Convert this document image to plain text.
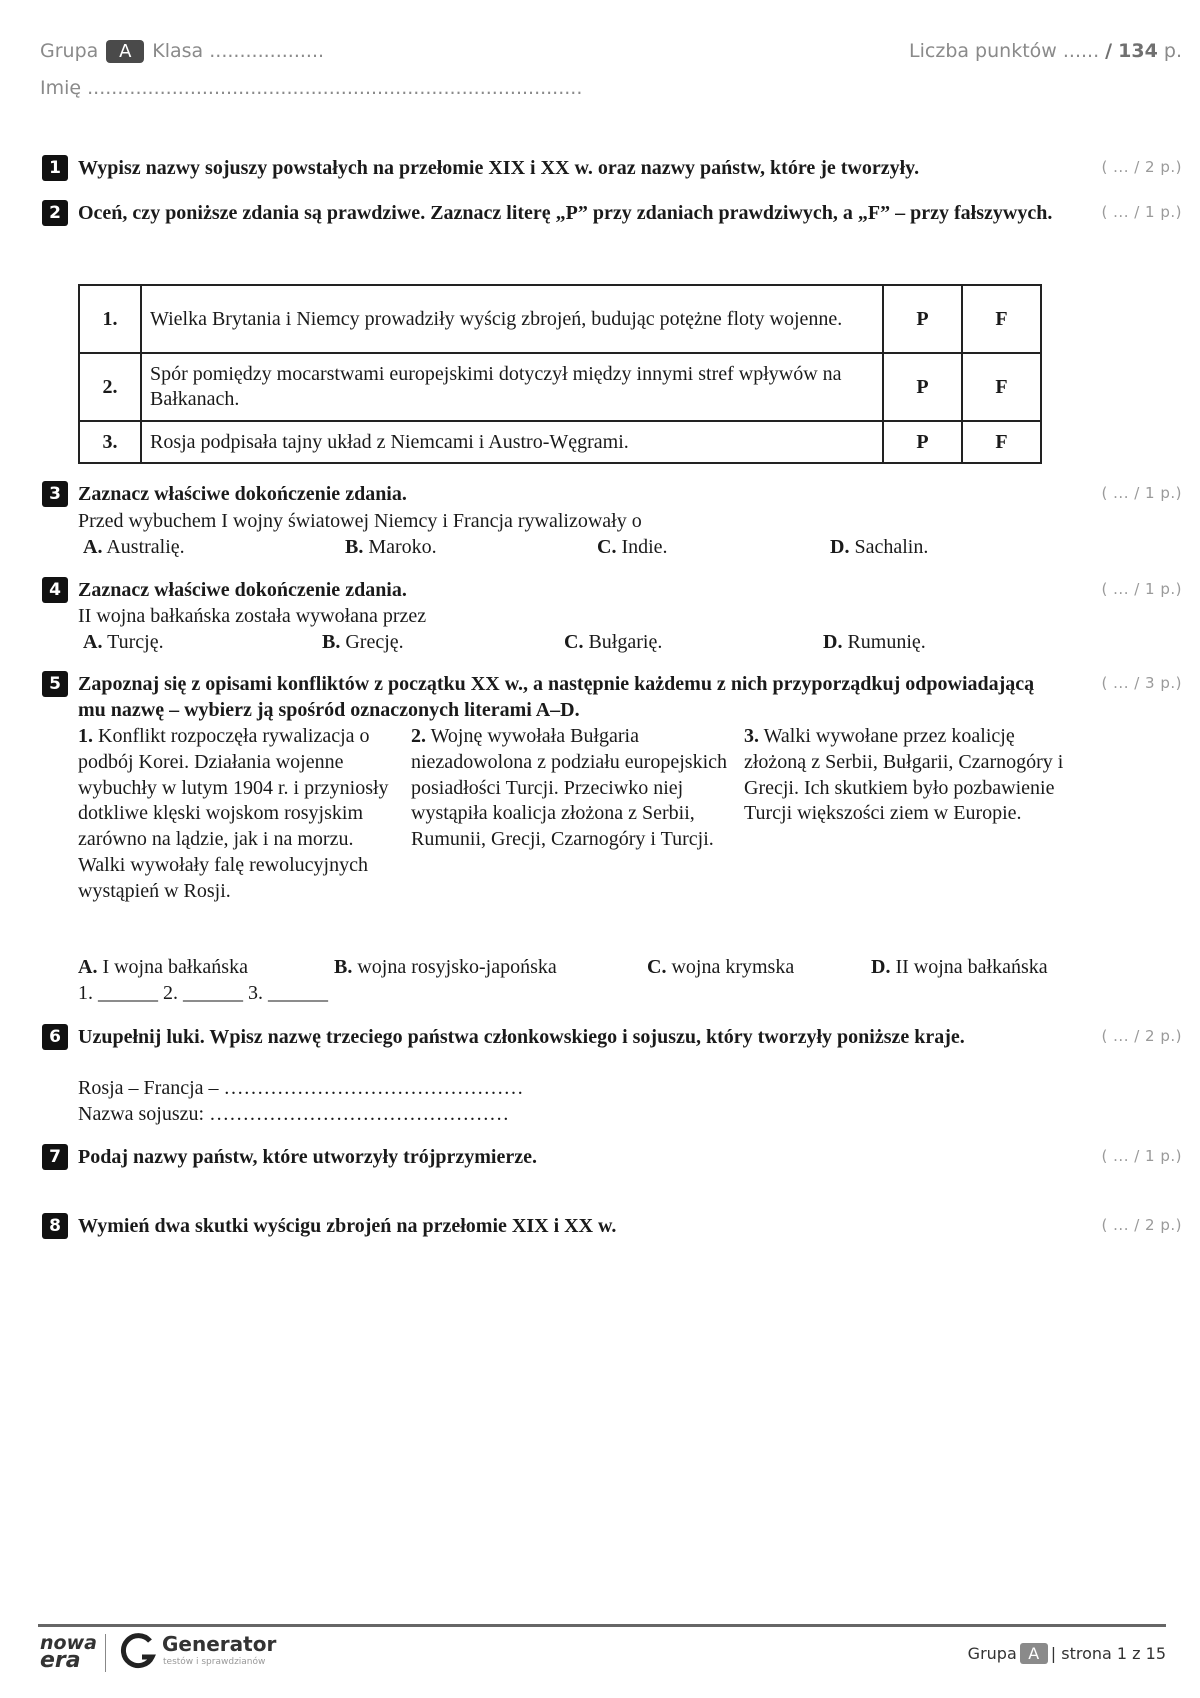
Grupa A Klasa ...................
Imię ..................................................................................
Liczba punktów ...... / 134 p.
1 Wypisz nazwy sojuszy powstałych na przełomie XIX i XX w. oraz nazwy państw, które je tworzyły.	( ... / 2 p.)
2 Oceń, czy poniższe zdania są prawdziwe. Zaznacz literę „P” przy zdaniach prawdziwych, a „F” – przy fałszywych.	( ... / 1 p.)
1.	Wielka Brytania i Niemcy prowadziły wyścig zbrojeń, budując potężne floty wojenne.	P	F
2.	Spór pomiędzy mocarstwami europejskimi dotyczył między innymi stref wpływów na Bałkanach.	P	F
3.	Rosja podpisała tajny układ z Niemcami i Austro-Węgrami.	P	F
3 Zaznacz właściwe dokończenie zdania.	( ... / 1 p.)
Przed wybuchem I wojny światowej Niemcy i Francja rywalizowały o
A. Australię.	B. Maroko.	C. Indie.	D. Sachalin.
4 Zaznacz właściwe dokończenie zdania.	( ... / 1 p.)
II wojna bałkańska została wywołana przez
A. Turcję.	B. Grecję.	C. Bułgarię.	D. Rumunię.
5 Zapoznaj się z opisami konfliktów z początku XX w., a następnie każdemu z nich przyporządkuj odpowiadającą mu nazwę – wybierz ją spośród oznaczonych literami A–D.
( ... / 3 p.)
1. Konflikt rozpoczęła rywalizacja o podbój Korei. Działania wojenne wybuchły w lutym 1904 r. i przyniosły dotkliwe klęski wojskom rosyjskim zarówno na lądzie, jak i na morzu. Walki wywołały falę rewolucyjnych wystąpień w Rosji.
2. Wojnę wywołała Bułgaria niezadowolona z podziału europejskich posiadłości Turcji. Przeciwko niej wystąpiła koalicja złożona z Serbii, Rumunii, Grecji, Czarnogóry i Turcji.
3. Walki wywołane przez koalicję złożoną z Serbii, Bułgarii, Czarnogóry i Grecji. Ich skutkiem było pozbawienie Turcji większości ziem w Europie.
A. I wojna bałkańska	B. wojna rosyjsko-japońska	C. wojna krymska	D. II wojna bałkańska
1. ______ 2. ______ 3. ______
6 Uzupełnij luki. Wpisz nazwę trzeciego państwa członkowskiego i sojuszu, który tworzyły poniższe kraje.	( ... / 2 p.)
Rosja – Francja – ………………………………………
Nazwa sojuszu: ………………………………………
7 Podaj nazwy państw, które utworzyły trójprzymierze.	( ... / 1 p.)
8 Wymień dwa skutki wyścigu zbrojeń na przełomie XIX i XX w.	( ... / 2 p.)
nowa
era
Generator
testów i sprawdzianów	Grupa A | strona 1 z 15
